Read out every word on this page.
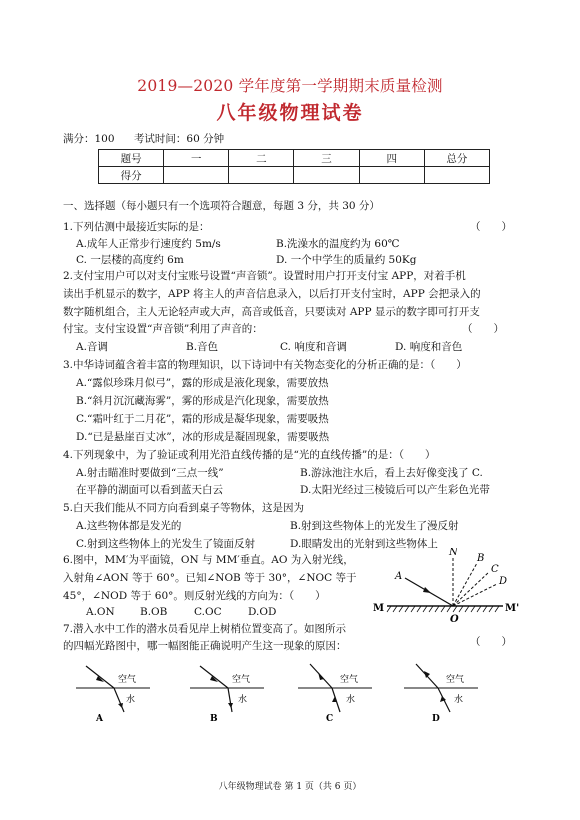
2019—2020 学年度第一学期期末质量检测
八年级物理试卷
满分：100 考试时间：60 分钟
题号	一	二	三	四	总分
得分					
一、选择题（每小题只有一个选项符合题意，每题 3 分，共 30 分）
1.下列估测中最接近实际的是：	（　　）
A.成年人正常步行速度约 5m/s	B.洗澡水的温度约为 60℃
C. 一层楼的高度约 6m	D. 一个中学生的质量约 50Kg
2.支付宝用户可以对支付宝账号设置“声音锁”。设置时用户打开支付宝 APP，对着手机
读出手机显示的数字，APP 将主人的声音信息录入，以后打开支付宝时，APP 会把录入的
数字随机组合，主人无论轻声或大声，高音或低音，只要读对 APP 显示的数字即可打开支
付宝。支付宝设置“声音锁”利用了声音的：	（　　）
A.音调	B.音色	C. 响度和音调	D. 响度和音色
3.中华诗词蕴含着丰富的物理知识，以下诗词中有关物态变化的分析正确的是：（　　）
A.“露似珍珠月似弓”，露的形成是液化现象，需要放热
B.“斜月沉沉藏海雾”，雾的形成是汽化现象，需要放热
C.“霜叶红于二月花”，霜的形成是凝华现象，需要吸热
D.“已是悬崖百丈冰”，冰的形成是凝固现象，需要吸热
4.下列现象中，为了验证或利用光沿直线传播的是“光的直线传播”的是：（　　）
A.射击瞄准时要做到“三点一线”	B.游泳池注水后，看上去好像变浅了 C.
在平静的湖面可以看到蓝天白云	D.太阳光经过三棱镜后可以产生彩色光带
5.白天我们能从不同方向看到桌子等物体，这是因为
A.这些物体都是发光的	B.射到这些物体上的光发生了漫反射
C.射到这些物体上的光发生了镜面反射	D.眼睛发出的光射到这些物体上
6.图中，MM′为平面镜，ON 与 MM′垂直。AO 为入射光线，
入射角∠AON 等于 60°。已知∠NOB 等于 30°，∠NOC 等于
45°，∠NOD 等于 60°。则反射光线的方向为：（　　）
A.ON B.OB	C.OC	D.OD
N
B
C
D
A
M	M'
O
7.潜入水中工作的潜水员看见岸上树梢位置变高了。如图所示
的四幅光路图中，哪一幅图能正确说明产生这一现象的原因：	（　　）
空气
水
A
空气
水
B
空气
水
C
空气
水
D
八年级物理试卷 第 1 页（共 6 页）
